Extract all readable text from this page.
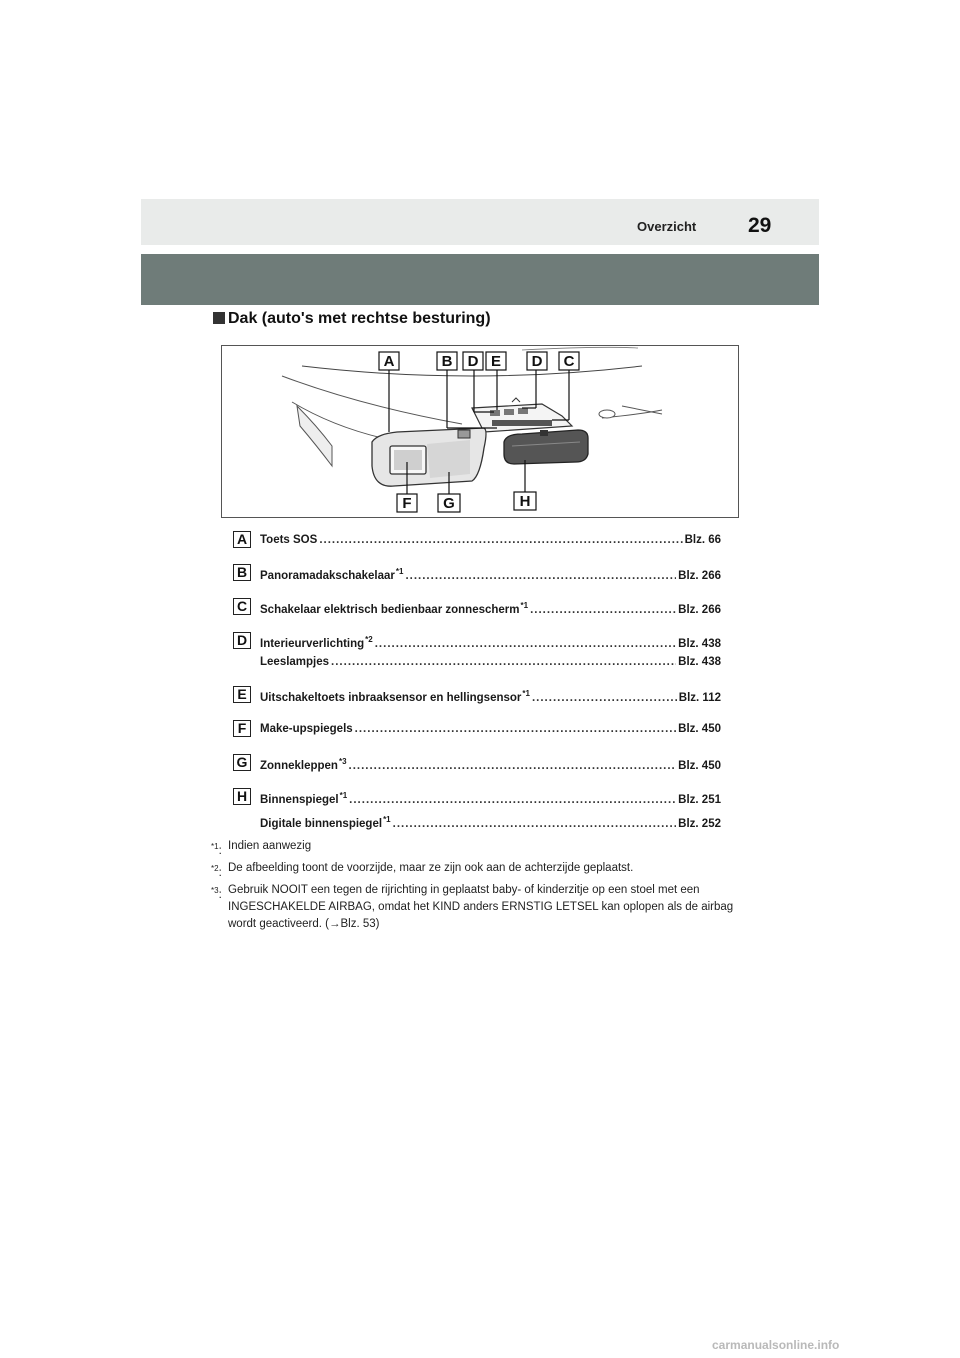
Overzicht 29
Dak (auto's met rechtse besturing)
A	B D E D C
F G	H
A	Toets SOS .....	Blz. 66
B	Panoramadakschakelaar$^{*1}$ .....	Blz. 266
C	Schakelaar elektrisch bedienbaar zonnescherm$^{*1}$ .....	Blz. 266
D	Interieurverlichting$^{*2}$ .....	Blz. 438
Leeslampjes .....	Blz. 438
E	Uitschakeltoets inbraaksensor en hellingsensor$^{*1}$ .....	Blz. 112
F	Make-upspiegels .....	Blz. 450
G	Zonnekleppen$^{*3}$ .....	Blz. 450
H	Binnenspiegel$^{*1}$ .....	Blz. 251
Digitale binnenspiegel$^{*1}$ .....	Blz. 252
$^{*1}$: Indien aanwezig
$^{*2}$: De afbeelding toont de voorzijde, maar ze zijn ook aan de achterzijde geplaatst.
$^{*3}$: Gebruik NOOIT een tegen de rijrichting in geplaatst baby- of kinderzitje op een stoel met een INGESCHAKELDE AIRBAG, omdat het KIND anders ERNSTIG LETSEL kan oplopen als de airbag wordt geactiveerd. (→Blz. 53)
carmanualsonline.info
